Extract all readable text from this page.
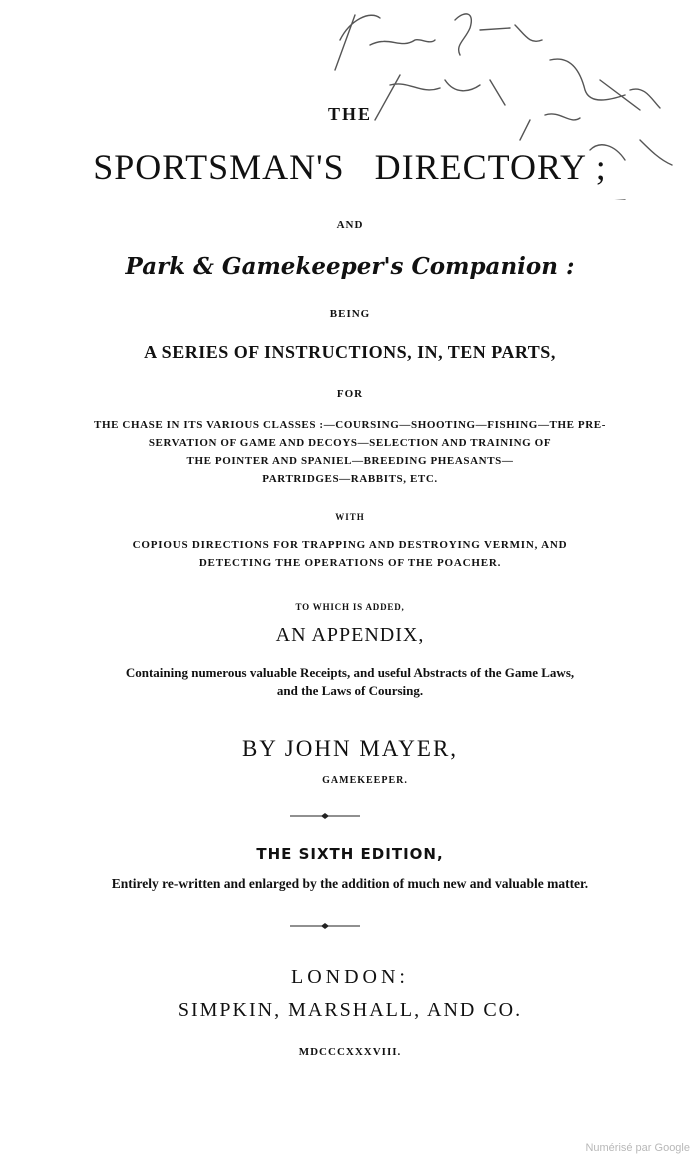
THE
SPORTSMAN'S   DIRECTORY ;
AND
Park & Gamekeeper's Companion :
BEING
A SERIES OF INSTRUCTIONS, IN, TEN PARTS,
FOR
THE CHASE IN ITS VARIOUS CLASSES :—COURSING—SHOOTING—FISHING—THE PRE-
SERVATION OF GAME AND DECOYS—SELECTION AND TRAINING OF
THE POINTER AND SPANIEL—BREEDING PHEASANTS—
PARTRIDGES—RABBITS, ETC.
WITH
COPIOUS DIRECTIONS FOR TRAPPING AND DESTROYING VERMIN, AND
DETECTING THE OPERATIONS OF THE POACHER.
TO WHICH IS ADDED,
AN APPENDIX,
Containing numerous valuable Receipts, and useful Abstracts of the Game Laws,
and the Laws of Coursing.
BY JOHN MAYER,
GAMEKEEPER.
THE SIXTH EDITION,
Entirely re-written and enlarged by the addition of much new and valuable matter.
LONDON:
SIMPKIN, MARSHALL, AND CO.
MDCCCXXXVIII.
Numérisé par Google
